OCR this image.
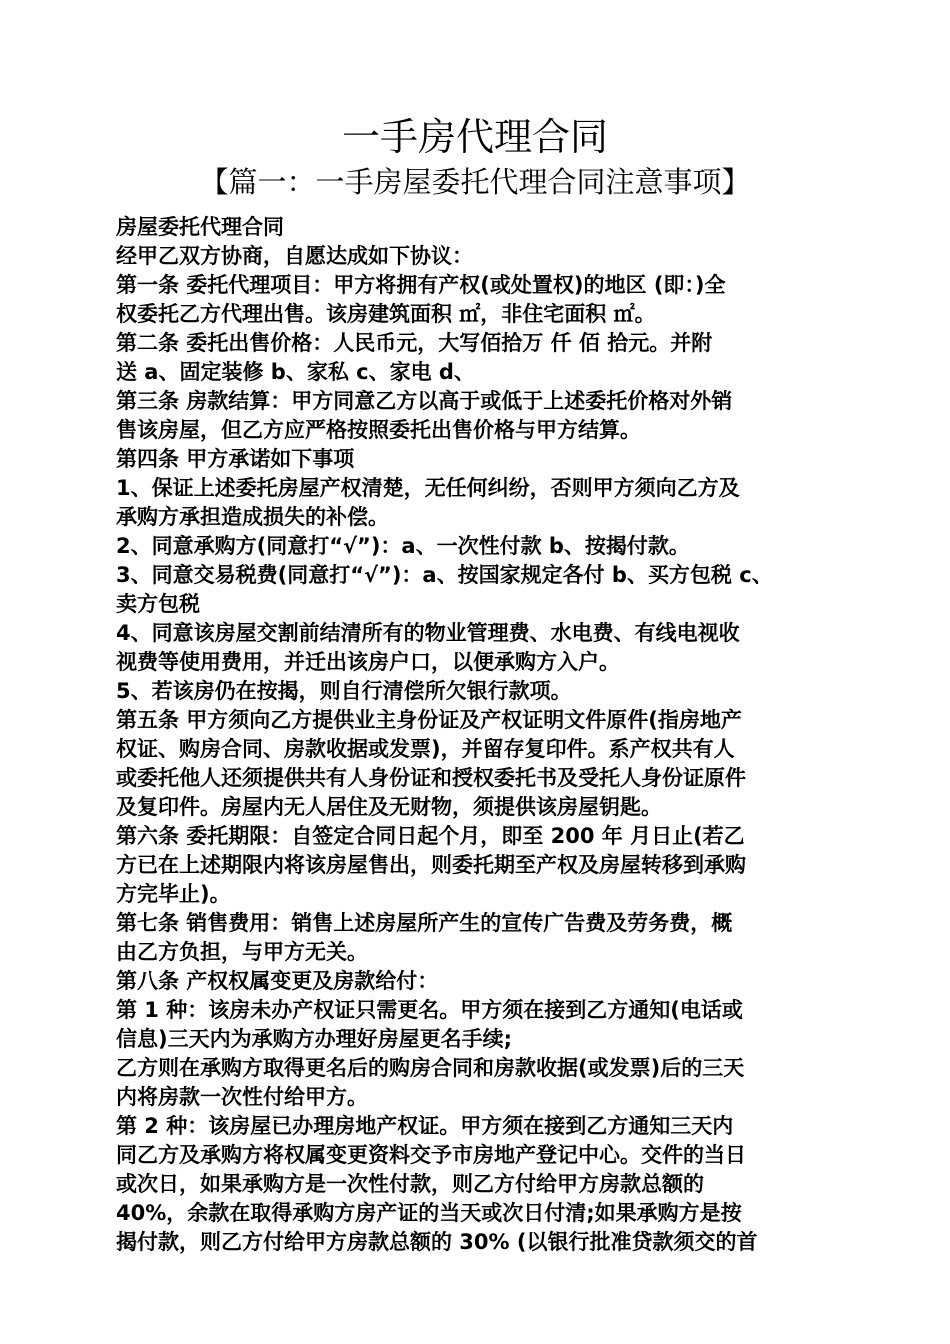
一手房代理合同
【篇一：一手房屋委托代理合同注意事项】

房屋委托代理合同

经甲乙双方协商，自愿达成如下协议：

第一条 委托代理项目：甲方将拥有产权(或处置权)的地区 (即：)全

权委托乙方代理出售。该房建筑面积 ㎡，非住宅面积 ㎡。

第二条 委托出售价格：人民币元，大写佰拾万 仟 佰 拾元。并附

送 a、固定装修 b、家私 c、家电 d、

第三条 房款结算：甲方同意乙方以高于或低于上述委托价格对外销

售该房屋，但乙方应严格按照委托出售价格与甲方结算。

第四条 甲方承诺如下事项

1、保证上述委托房屋产权清楚，无任何纠纷，否则甲方须向乙方及

承购方承担造成损失的补偿。

2、同意承购方(同意打“√”)：a、一次性付款 b、按揭付款。

3、同意交易税费(同意打“√”)：a、按国家规定各付 b、买方包税 c、

卖方包税

4、同意该房屋交割前结清所有的物业管理费、水电费、有线电视收

视费等使用费用，并迁出该房户口，以便承购方入户。

5、若该房仍在按揭，则自行清偿所欠银行款项。

第五条 甲方须向乙方提供业主身份证及产权证明文件原件(指房地产

权证、购房合同、房款收据或发票)，并留存复印件。系产权共有人

或委托他人还须提供共有人身份证和授权委托书及受托人身份证原件

及复印件。房屋内无人居住及无财物，须提供该房屋钥匙。

第六条 委托期限：自签定合同日起个月，即至 200 年 月日止(若乙

方已在上述期限内将该房屋售出，则委托期至产权及房屋转移到承购

方完毕止)。

第七条 销售费用：销售上述房屋所产生的宣传广告费及劳务费，概

由乙方负担，与甲方无关。

第八条 产权权属变更及房款给付：

第 1 种：该房未办产权证只需更名。甲方须在接到乙方通知(电话或

信息)三天内为承购方办理好房屋更名手续;

乙方则在承购方取得更名后的购房合同和房款收据(或发票)后的三天

内将房款一次性付给甲方。

第 2 种：该房屋已办理房地产权证。甲方须在接到乙方通知三天内

同乙方及承购方将权属变更资料交予市房地产登记中心。交件的当日

或次日，如果承购方是一次性付款，则乙方付给甲方房款总额的

40%，余款在取得承购方房产证的当天或次日付清;如果承购方是按

揭付款，则乙方付给甲方房款总额的 30% (以银行批准贷款须交的首
